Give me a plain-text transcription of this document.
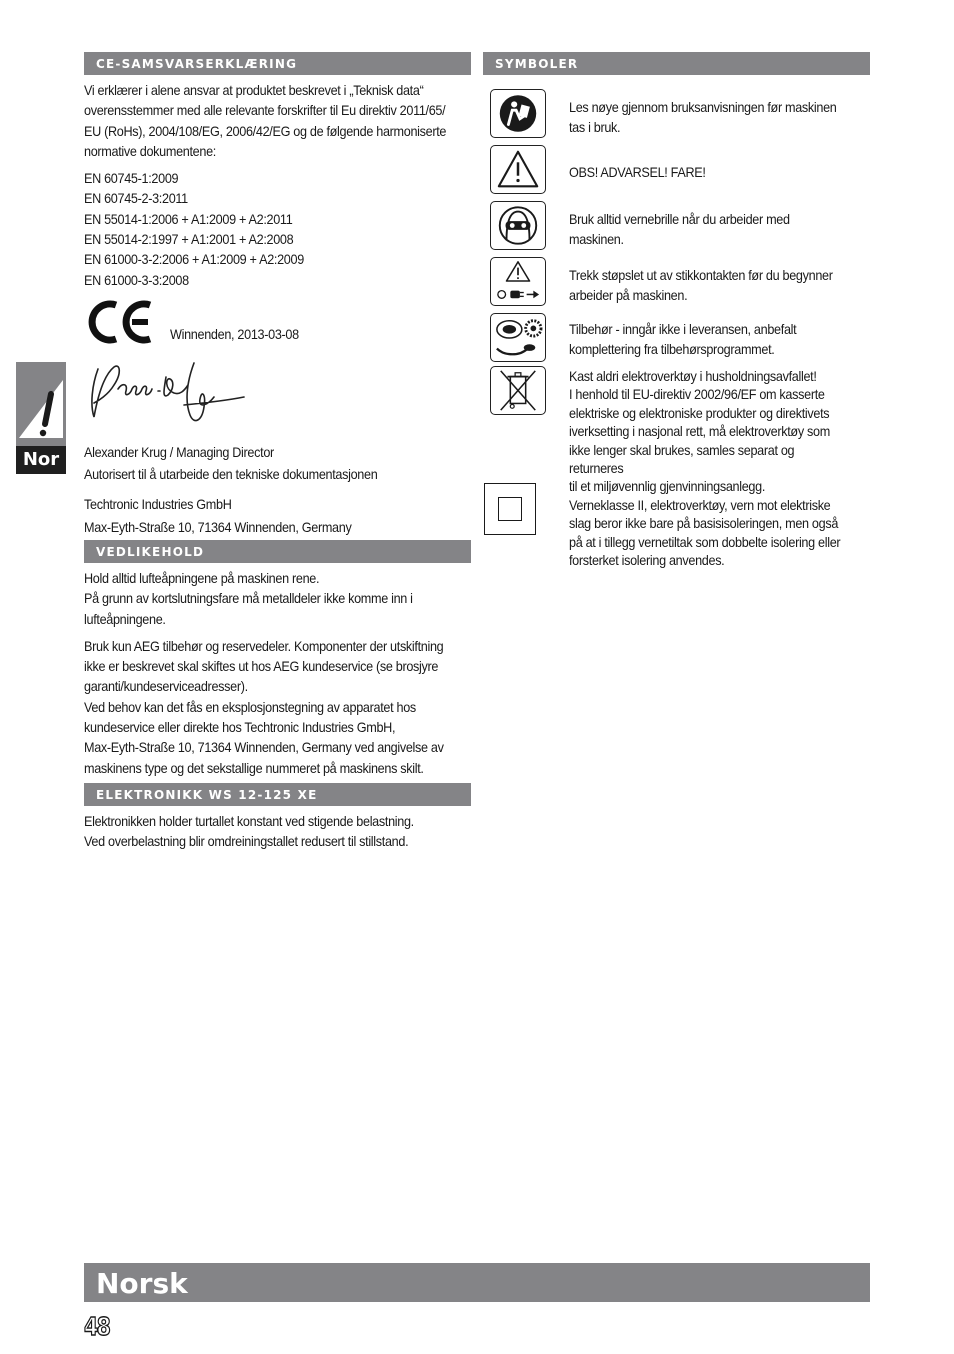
CE-SAMSVARSERKLÆRING

Vi erklærer i alene ansvar at produktet beskrevet i „Teknisk data“

overensstemmer med alle relevante forskrifter til Eu direktiv 2011/65/

EU (RoHs), 2004/108/EG, 2006/42/EG og de følgende harmoniserte

normative dokumentene:

EN 60745-1:2009

EN 60745-2-3:2011

EN 55014-1:2006 + A1:2009 + A2:2011

EN 55014-2:1997 + A1:2001 + A2:2008

EN 61000-3-2:2006 + A1:2009 + A2:2009

EN 61000-3-3:2008

Winnenden, 2013-03-08

Alexander Krug / Managing Director

Autorisert til å utarbeide den tekniske dokumentasjonen

Techtronic Industries GmbH

Max-Eyth-Straße 10, 71364 Winnenden, Germany

VEDLIKEHOLD

Hold alltid lufteåpningene på maskinen rene.

På grunn av kortslutningsfare må metalldeler ikke komme inn i

lufteåpningene.

Bruk kun AEG tilbehør og reservedeler. Komponenter der utskiftning

ikke er beskrevet skal skiftes ut hos AEG kundeservice (se brosjyre

garanti/kundeserviceadresser).

Ved behov kan det fås en eksplosjonstegning av apparatet hos

kundeservice eller direkte hos Techtronic Industries GmbH,

Max-Eyth-Straße 10, 71364 Winnenden, Germany ved angivelse av

maskinens type og det sekstallige nummeret på maskinens skilt.

ELEKTRONIKK WS 12-125 XE

Elektronikken holder turtallet konstant ved stigende belastning.

Ved overbelastning blir omdreiningstallet redusert til stillstand.

SYMBOLER
Les nøye gjennom bruksanvisningen før maskinen
tas i bruk.
OBS! ADVARSEL! FARE!
Bruk alltid vernebrille når du arbeider med
maskinen.
Trekk støpslet ut av stikkontakten før du begynner
arbeider på maskinen.
Tilbehør - inngår ikke i leveransen, anbefalt
komplettering fra tilbehørsprogrammet.
Kast aldri elektroverktøy i husholdningsavfallet!
I henhold til EU-direktiv 2002/96/EF om kasserte
elektriske og elektroniske produkter og direktivets
iverksetting i nasjonal rett, må elektroverktøy som
ikke lenger skal brukes, samles separat og returneres
til et miljøvennlig gjenvinningsanlegg.
Verneklasse II, elektroverktøy, vern mot elektriske
slag beror ikke bare på basisisoleringen, men også
på at i tillegg vernetiltak som dobbelte isolering eller
forsterket isolering anvendes.
Nor
Norsk
48
